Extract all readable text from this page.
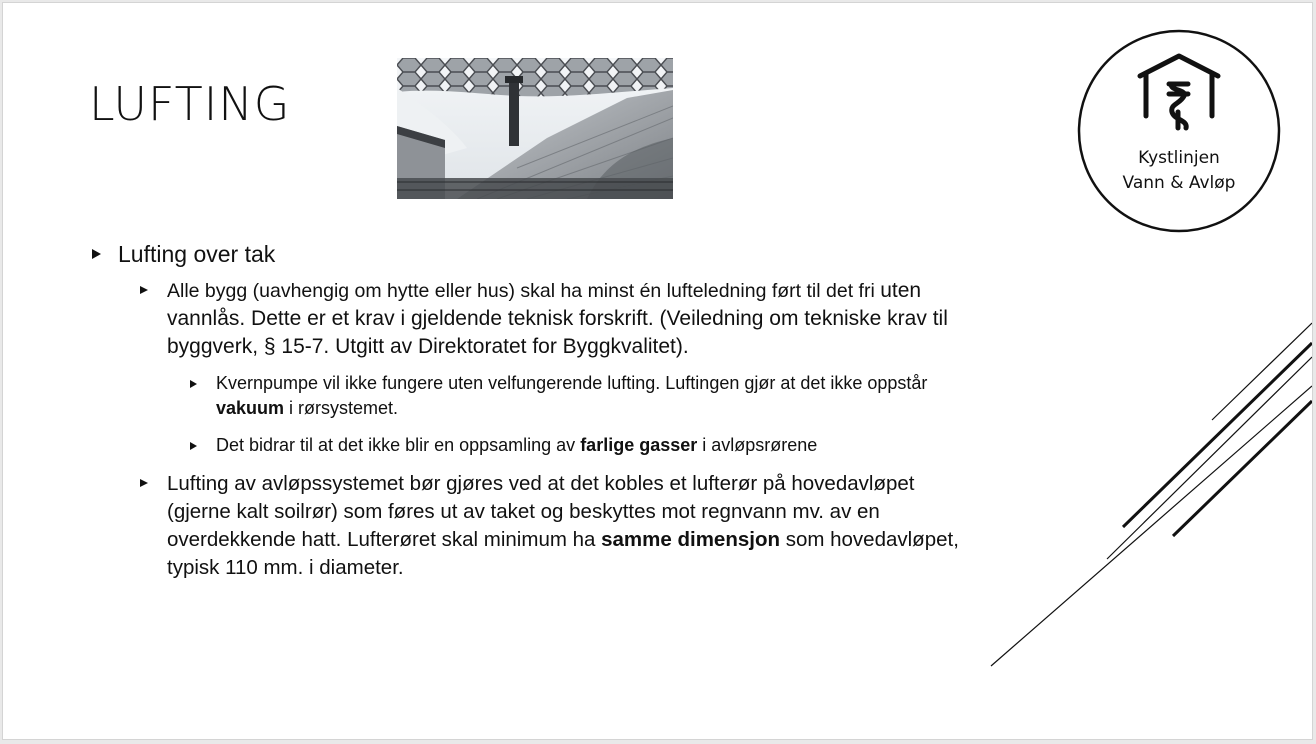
LUFTING
Kystlinjen
Vann & Avløp
Lufting over tak
Alle bygg (uavhengig om hytte eller hus) skal ha minst én lufteledning ført til det fri uten vannlås. Dette er et krav i gjeldende teknisk forskrift. (Veiledning om tekniske krav til byggverk, § 15-7. Utgitt av Direktoratet for Byggkvalitet).
Kvernpumpe vil ikke fungere uten velfungerende lufting. Luftingen gjør at det ikke oppstår vakuum i rørsystemet.
Det bidrar til at det ikke blir en oppsamling av farlige gasser i avløpsrørene
Lufting av avløpssystemet bør gjøres ved at det kobles et lufterør på hovedavløpet (gjerne kalt soilrør) som føres ut av taket og beskyttes mot regnvann mv. av en overdekkende hatt. Lufterøret skal minimum ha samme dimensjon som hovedavløpet, typisk 110 mm. i diameter.
